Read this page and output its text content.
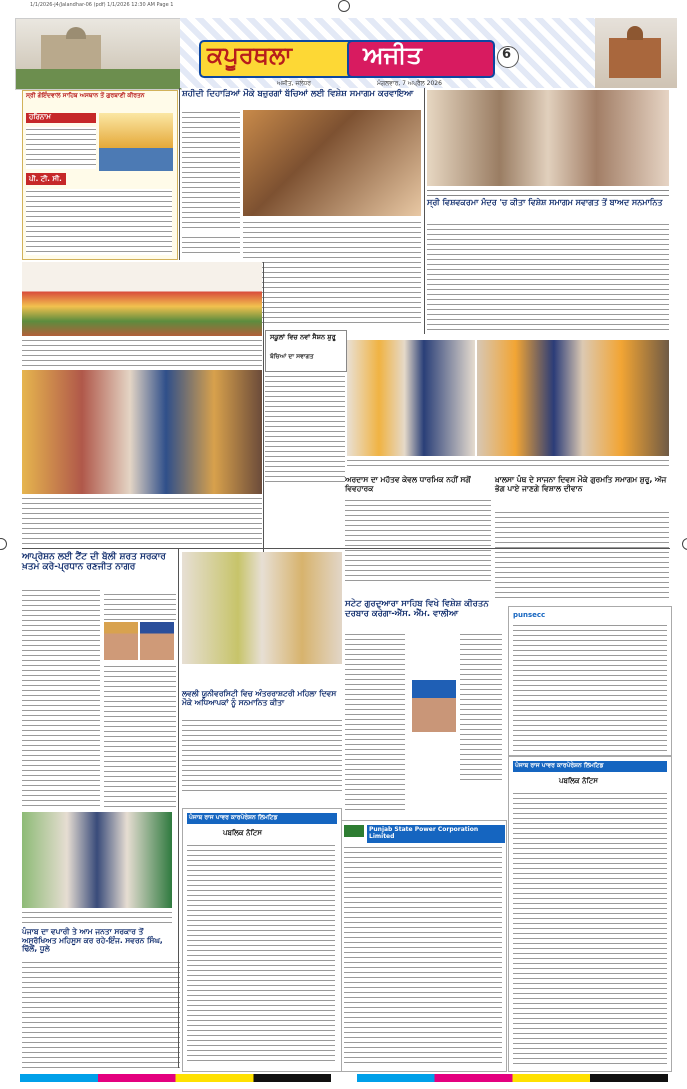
1/1/2026-j4/Jalandhar-06 (pdf) 1/1/2026 12:30 AM Page 1
ਕਪੂਰਥਲਾ	ਅਜੀਤ	6
ਅਜੀਤ, ਜਲੰਧਰ	ਮੰਗਲਵਾਰ, 7 ਅਪ੍ਰੈਲ 2026
ਸ੍ਰੀ ਗੋਇੰਦਵਾਲ ਸਾਹਿਬ ਅਸਥਾਨ ਤੋਂ ਗੁਰਬਾਣੀ ਕੀਰਤਨ
ਹਰਿਨਾਮ
ਪੀ. ਟੀ. ਸੀ.
ਸ਼ਹੀਦੀ ਦਿਹਾੜਿਆਂ ਮੌਕੇ ਬਜ਼ੁਰਗਾਂ ਬੱਚਿਆਂ ਲਈ ਵਿਸ਼ੇਸ਼ ਸਮਾਗਮ ਕਰਵਾਇਆ
ਸ੍ਰੀ ਵਿਸ਼ਵਕਰਮਾ ਮੰਦਰ 'ਚ ਕੀਤਾ ਵਿਸ਼ੇਸ਼ ਸਮਾਗਮ ਸਵਾਗਤ ਤੋਂ ਬਾਅਦ ਸਨਮਾਨਿਤ
ਸਕੂਲਾਂ ਵਿਚ ਨਵਾਂ ਸੈਸ਼ਨ ਸ਼ੁਰੂ
ਬੱਚਿਆਂ ਦਾ ਸਵਾਗਤ
ਅਰਦਾਸ ਦਾ ਮਹੱਤਵ ਕੇਵਲ ਧਾਰਮਿਕ ਨਹੀਂ ਸਗੋਂ ਵਿਵਹਾਰਕ
ਖ਼ਾਲਸਾ ਪੰਥ ਦੇ ਸਾਜਨਾ ਦਿਵਸ ਮੌਕੇ ਗੁਰਮਤਿ ਸਮਾਗਮ ਸ਼ੁਰੂ, ਅੱਜ ਭੋਗ ਪਾਏ ਜਾਣਗੇ ਵਿਸ਼ਾਲ ਦੀਵਾਨ
ਆਪ੍ਰੇਸ਼ਨ ਲਈ ਟੈਂਟ ਦੀ ਬੋਲੀ ਸ਼ਰਤ ਸਰਕਾਰ ਖ਼ਤਮ ਕਰੇ-ਪ੍ਰਧਾਨ ਰਣਜੀਤ ਨਾਗਰ
ਲਵਲੀ ਯੂਨੀਵਰਸਿਟੀ ਵਿਚ ਅੰਤਰਰਾਸ਼ਟਰੀ ਮਹਿਲਾ ਦਿਵਸ ਮੌਕੇ ਅਧਿਆਪਕਾਂ ਨੂੰ ਸਨਮਾਨਿਤ ਕੀਤਾ
ਸਟੇਟ ਗੁਰਦੁਆਰਾ ਸਾਹਿਬ ਵਿਖੇ ਵਿਸ਼ੇਸ਼ ਕੀਰਤਨ ਦਰਬਾਰ ਕਰੇਗਾ-ਐੱਸ. ਐੱਮ. ਵਾਲੀਆ
ਪੰਜਾਬ ਦਾ ਵਪਾਰੀ ਤੇ ਆਮ ਜਨਤਾ ਸਰਕਾਰ ਤੋਂ ਅਸੁਰੱਖਿਅਤ ਮਹਿਸੂਸ ਕਰ ਰਹੇ-ਇੰਜ. ਸਵਰਨ ਸਿੰਘ, ਢਿੱਲੋਂ, ਧੂਲੇ
Punjab State Power Corporation Limited
ਪੰਜਾਬ ਰਾਜ ਪਾਵਰ ਕਾਰਪੋਰੇਸ਼ਨ ਲਿਮਟਿਡ
ਪਬਲਿਕ ਨੋਟਿਸ
punsecc
ਪੰਜਾਬ ਰਾਜ ਪਾਵਰ ਕਾਰਪੋਰੇਸ਼ਨ ਲਿਮਟਿਡ
ਪਬਲਿਕ ਨੋਟਿਸ
